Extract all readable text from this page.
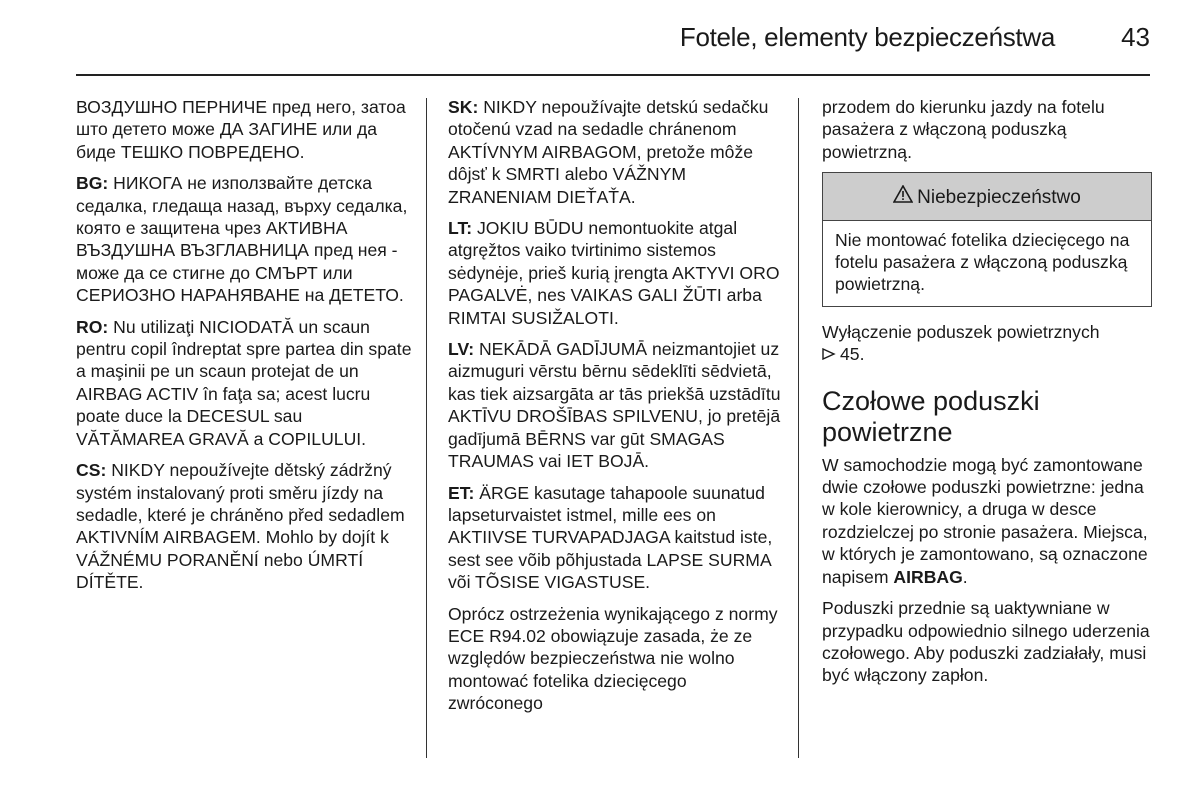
Fotele, elementy bezpieczeństwa	43

ВОЗДУШНО ПЕРНИЧЕ пред него, затоа што детето може ДА ЗАГИНЕ или да биде ТЕШКО ПОВРЕДЕНО.

BG: НИКОГА не използвайте детска седалка, гледаща назад, върху седалка, която е защитена чрез АКТИВНА ВЪЗДУШНА ВЪЗГЛАВНИЦА пред нея - може да се стигне до СМЪРТ или СЕРИОЗНО НАРАНЯВАНЕ на ДЕТЕТО.

RO: Nu utilizaţi NICIODATĂ un scaun pentru copil îndreptat spre partea din spate a maşinii pe un scaun protejat de un AIRBAG ACTIV în faţa sa; acest lucru poate duce la DECESUL sau VĂTĂMAREA GRAVĂ a COPILULUI.

CS: NIKDY nepoužívejte dětský zádržný systém instalovaný proti směru jízdy na sedadle, které je chráněno před sedadlem AKTIVNÍM AIRBAGEM. Mohlo by dojít k VÁŽNÉMU PORANĚNÍ nebo ÚMRTÍ DÍTĚTE.

SK: NIKDY nepoužívajte detskú sedačku otočenú vzad na sedadle chránenom AKTÍVNYM AIRBAGOM, pretože môže dôjsť k SMRTI alebo VÁŽNYM ZRANENIAM DIEŤAŤA.

LT: JOKIU BŪDU nemontuokite atgal atgręžtos vaiko tvirtinimo sistemos sėdynėje, prieš kurią įrengta AKTYVI ORO PAGALVĖ, nes VAIKAS GALI ŽŪTI arba RIMTAI SUSIŽALOTI.

LV: NEKĀDĀ GADĪJUMĀ neizmantojiet uz aizmuguri vērstu bērnu sēdeklīti sēdvietā, kas tiek aizsargāta ar tās priekšā uzstādītu AKTĪVU DROŠĪBAS SPILVENU, jo pretējā gadījumā BĒRNS var gūt SMAGAS TRAUMAS vai IET BOJĀ.

ET: ÄRGE kasutage tahapoole suunatud lapseturvaistet istmel, mille ees on AKTIIVSE TURVAPADJAGA kaitstud iste, sest see võib põhjustada LAPSE SURMA või TÕSISE VIGASTUSE.

Oprócz ostrzeżenia wynikającego z normy ECE R94.02 obowiązuje zasada, że ze względów bezpieczeństwa nie wolno montować fotelika dziecięcego zwróconego

przodem do kierunku jazdy na fotelu pasażera z włączoną poduszką powietrzną.

Niebezpieczeństwo
Nie montować fotelika dziecięcego na fotelu pasażera z włączoną poduszką powietrzną.

Wyłączenie poduszek powietrznych
45.

Czołowe poduszki powietrzne

W samochodzie mogą być zamontowane dwie czołowe poduszki powietrzne: jedna w kole kierownicy, a druga w desce rozdzielczej po stronie pasażera. Miejsca, w których je zamontowano, są oznaczone napisem AIRBAG.

Poduszki przednie są uaktywniane w przypadku odpowiednio silnego uderzenia czołowego. Aby poduszki zadziałały, musi być włączony zapłon.
